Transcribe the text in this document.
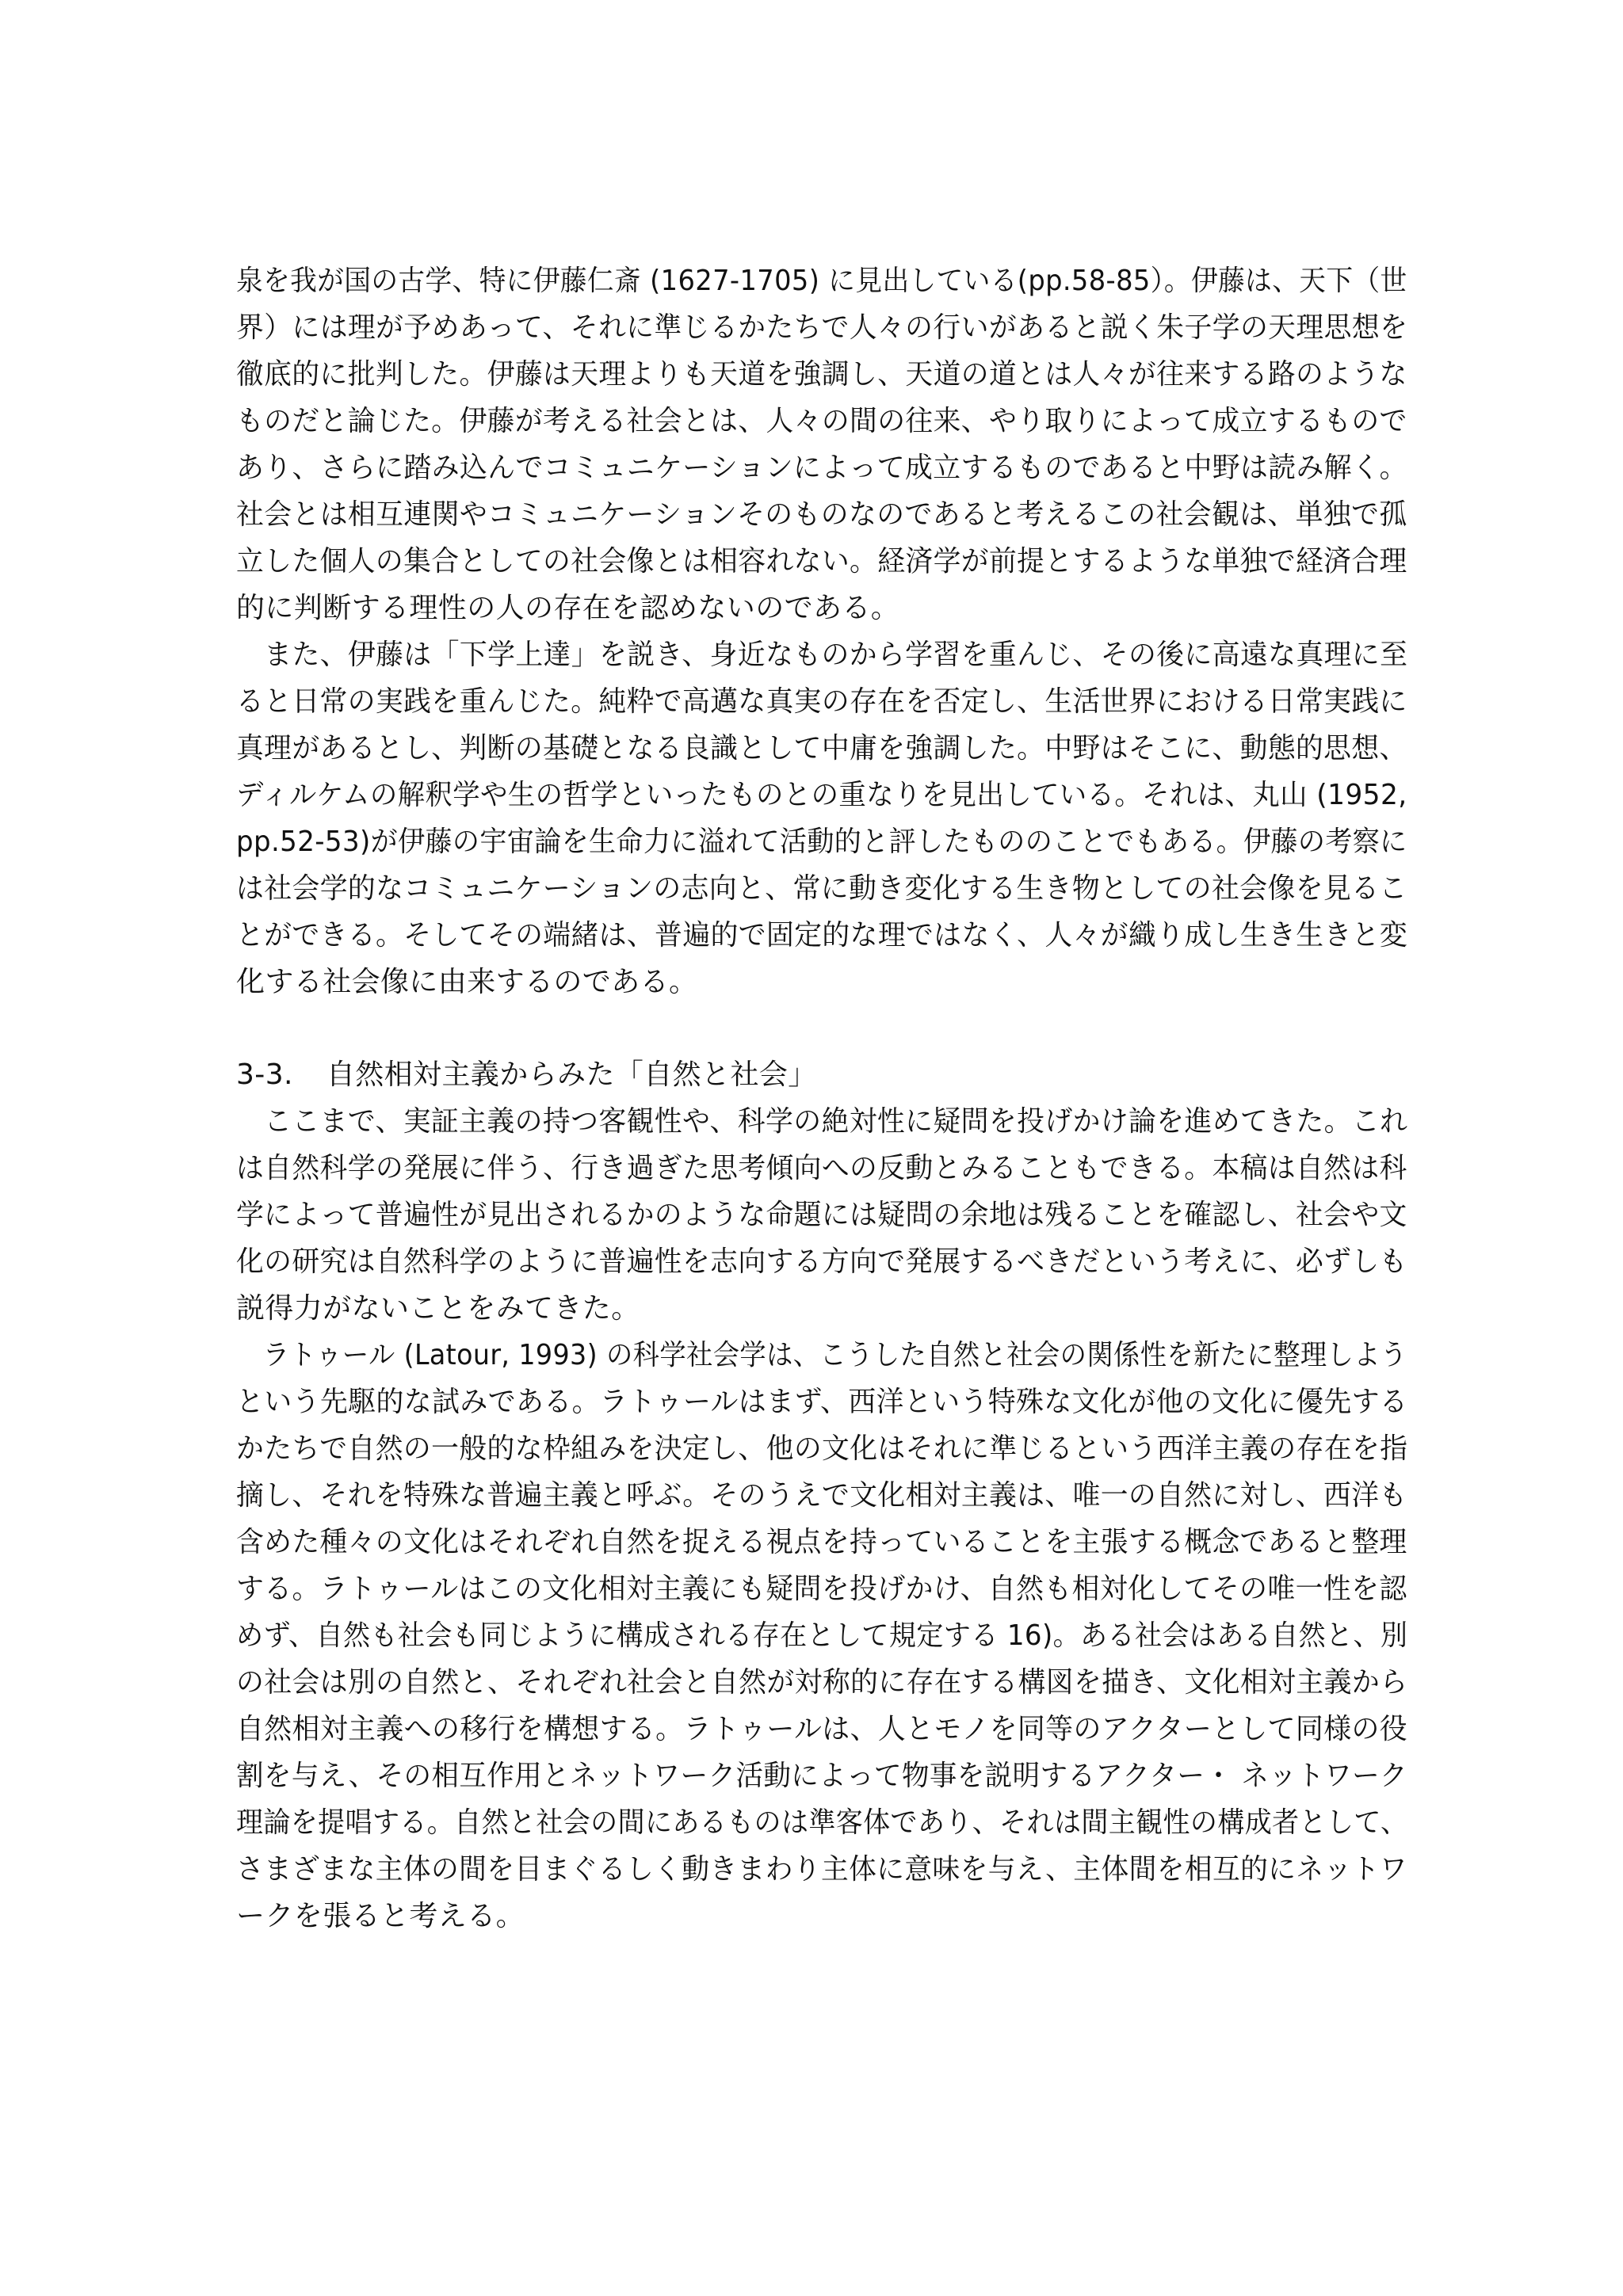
泉を我が国の古学、特に伊藤仁斎 (1627-1705) に見出している(pp.58-85）。伊藤は、天下（世
界）には理が予めあって、それに準じるかたちで人々の行いがあると説く朱子学の天理思想を
徹底的に批判した。伊藤は天理よりも天道を強調し、天道の道とは人々が往来する路のような
ものだと論じた。伊藤が考える社会とは、人々の間の往来、やり取りによって成立するもので
あり、さらに踏み込んでコミュニケーションによって成立するものであると中野は読み解く。
社会とは相互連関やコミュニケーションそのものなのであると考えるこの社会観は、単独で孤
立した個人の集合としての社会像とは相容れない。経済学が前提とするような単独で経済合理
的に判断する理性の人の存在を認めないのである。
　また、伊藤は「下学上達」を説き、身近なものから学習を重んじ、その後に高遠な真理に至
ると日常の実践を重んじた。純粋で高邁な真実の存在を否定し、生活世界における日常実践に
真理があるとし、判断の基礎となる良識として中庸を強調した。中野はそこに、動態的思想、
ディルケムの解釈学や生の哲学といったものとの重なりを見出している。それは、丸山 (1952,
pp.52-53)が伊藤の宇宙論を生命力に溢れて活動的と評したもののことでもある。伊藤の考察に
は社会学的なコミュニケーションの志向と、常に動き変化する生き物としての社会像を見るこ
とができる。そしてその端緒は、普遍的で固定的な理ではなく、人々が織り成し生き生きと変
化する社会像に由来するのである。
3-3. 自然相対主義からみた「自然と社会」
　ここまで、実証主義の持つ客観性や、科学の絶対性に疑問を投げかけ論を進めてきた。これ
は自然科学の発展に伴う、行き過ぎた思考傾向への反動とみることもできる。本稿は自然は科
学によって普遍性が見出されるかのような命題には疑問の余地は残ることを確認し、社会や文
化の研究は自然科学のように普遍性を志向する方向で発展するべきだという考えに、必ずしも
説得力がないことをみてきた。
　ラトゥール (Latour, 1993) の科学社会学は、こうした自然と社会の関係性を新たに整理しよう
という先駆的な試みである。ラトゥールはまず、西洋という特殊な文化が他の文化に優先する
かたちで自然の一般的な枠組みを決定し、他の文化はそれに準じるという西洋主義の存在を指
摘し、それを特殊な普遍主義と呼ぶ。そのうえで文化相対主義は、唯一の自然に対し、西洋も
含めた種々の文化はそれぞれ自然を捉える視点を持っていることを主張する概念であると整理
する。ラトゥールはこの文化相対主義にも疑問を投げかけ、自然も相対化してその唯一性を認
めず、自然も社会も同じように構成される存在として規定する 16)。ある社会はある自然と、別
の社会は別の自然と、それぞれ社会と自然が対称的に存在する構図を描き、文化相対主義から
自然相対主義への移行を構想する。ラトゥールは、人とモノを同等のアクターとして同様の役
割を与え、その相互作用とネットワーク活動によって物事を説明するアクター・ ネットワーク
理論を提唱する。自然と社会の間にあるものは準客体であり、それは間主観性の構成者として、
さまざまな主体の間を目まぐるしく動きまわり主体に意味を与え、主体間を相互的にネットワ
ークを張ると考える。
